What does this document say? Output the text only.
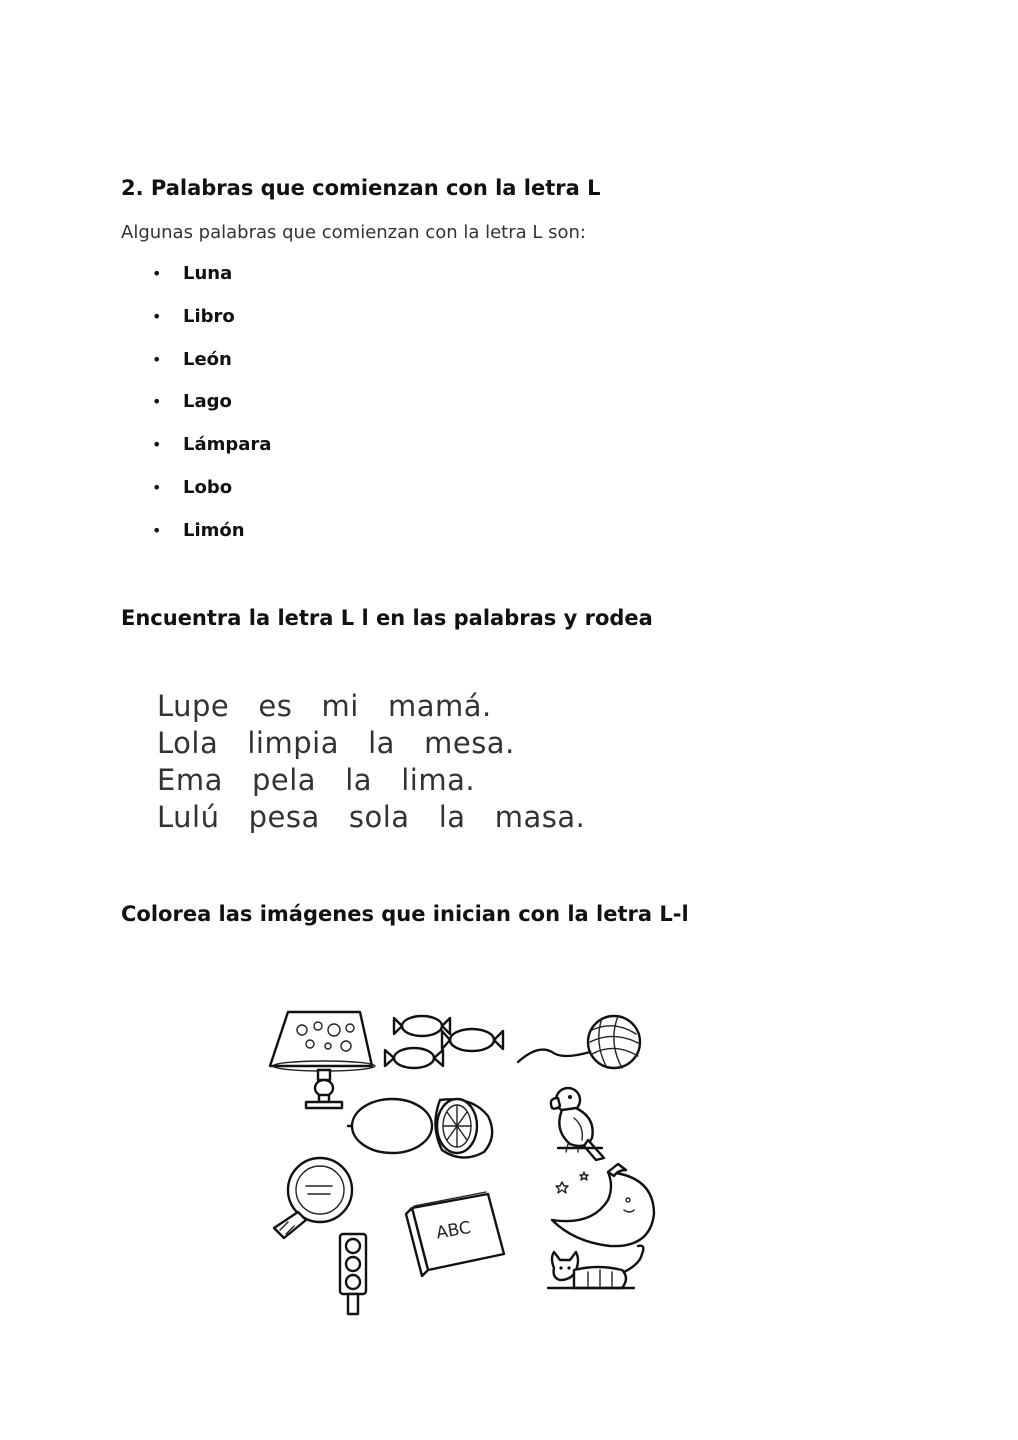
2. Palabras que comienzan con la letra L
Algunas palabras que comienzan con la letra L son:
• Luna
• Libro
• León
• Lago
• Lámpara
• Lobo
• Limón
Encuentra la letra L l en las palabras y rodea
Lupe   es   mi   mamá.
Lola   limpia   la   mesa.
Ema   pela   la   lima.
Lulú   pesa   sola   la   masa.
Colorea las imágenes que inician con la letra L-l
ABC
